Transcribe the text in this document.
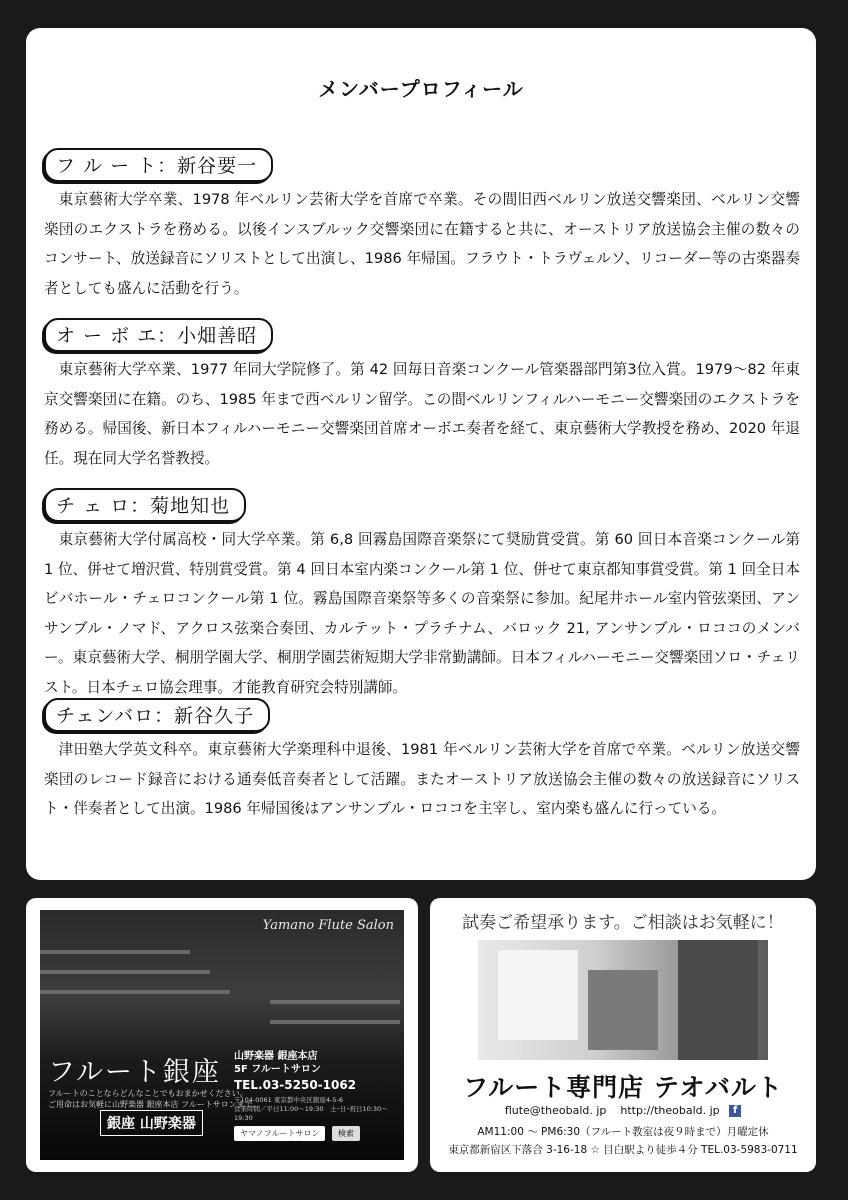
メンバープロフィール
フ ル ー ト：新谷要一

東京藝術大学卒業、1978 年ベルリン芸術大学を首席で卒業。その間旧西ベルリン放送交響楽団、ベルリン交響楽団のエクストラを務める。以後インスブルック交響楽団に在籍すると共に、オーストリア放送協会主催の数々のコンサート、放送録音にソリストとして出演し、1986 年帰国。フラウト・トラヴェルソ、リコーダー等の古楽器奏者としても盛んに活動を行う。

オ ー ボ エ：小畑善昭

東京藝術大学卒業、1977 年同大学院修了。第 42 回毎日音楽コンクール管楽器部門第3位入賞。1979～82 年東京交響楽団に在籍。のち、1985 年まで西ベルリン留学。この間ベルリンフィルハーモニー交響楽団のエクストラを務める。帰国後、新日本フィルハーモニー交響楽団首席オーボエ奏者を経て、東京藝術大学教授を務め、2020 年退任。現在同大学名誉教授。

チ ェ ロ：菊地知也

東京藝術大学付属高校・同大学卒業。第 6,8 回霧島国際音楽祭にて奨励賞受賞。第 60 回日本音楽コンクール第 1 位、併せて増沢賞、特別賞受賞。第 4 回日本室内楽コンクール第 1 位、併せて東京都知事賞受賞。第 1 回全日本ビバホール・チェロコンクール第 1 位。霧島国際音楽祭等多くの音楽祭に参加。紀尾井ホール室内管弦楽団、アンサンブル・ノマド、アクロス弦楽合奏団、カルテット・プラチナム、バロック 21, アンサンブル・ロココのメンバー。東京藝術大学、桐朋学園大学、桐朋学園芸術短期大学非常勤講師。日本フィルハーモニー交響楽団ソロ・チェリスト。日本チェロ協会理事。才能教育研究会特別講師。

チェンバロ：新谷久子

津田塾大学英文科卒。東京藝術大学楽理科中退後、1981 年ベルリン芸術大学を首席で卒業。ベルリン放送交響楽団のレコード録音における通奏低音奏者として活躍。またオーストリア放送協会主催の数々の放送録音にソリスト・伴奏者として出演。1986 年帰国後はアンサンブル・ロココを主宰し、室内楽も盛んに行っている。

Yamano Flute Salon
フルート銀座
フルートのことならどんなことでもおまかせください。
ご用命はお気軽に山野楽器 銀座本店 フルートサロンまで。
銀座 山野楽器
山野楽器 銀座本店
5F フルートサロン
TEL.03-5250-1062
〒104-0061 東京都中央区銀座4-5-6
営業時間／平日11:00〜19:30　土･日･祝日10:30〜19:30
ヤマノフルートサロン	検索
試奏ご希望承ります。ご相談はお気軽に！
フルート専門店 テオバルト
flute@theobald. jp http://theobald. jp f
AM11:00 〜 PM6:30（フルート教室は夜９時まで）月曜定休
東京都新宿区下落合 3-16-18 ☆ 目白駅より徒歩４分 TEL.03-5983-0711
